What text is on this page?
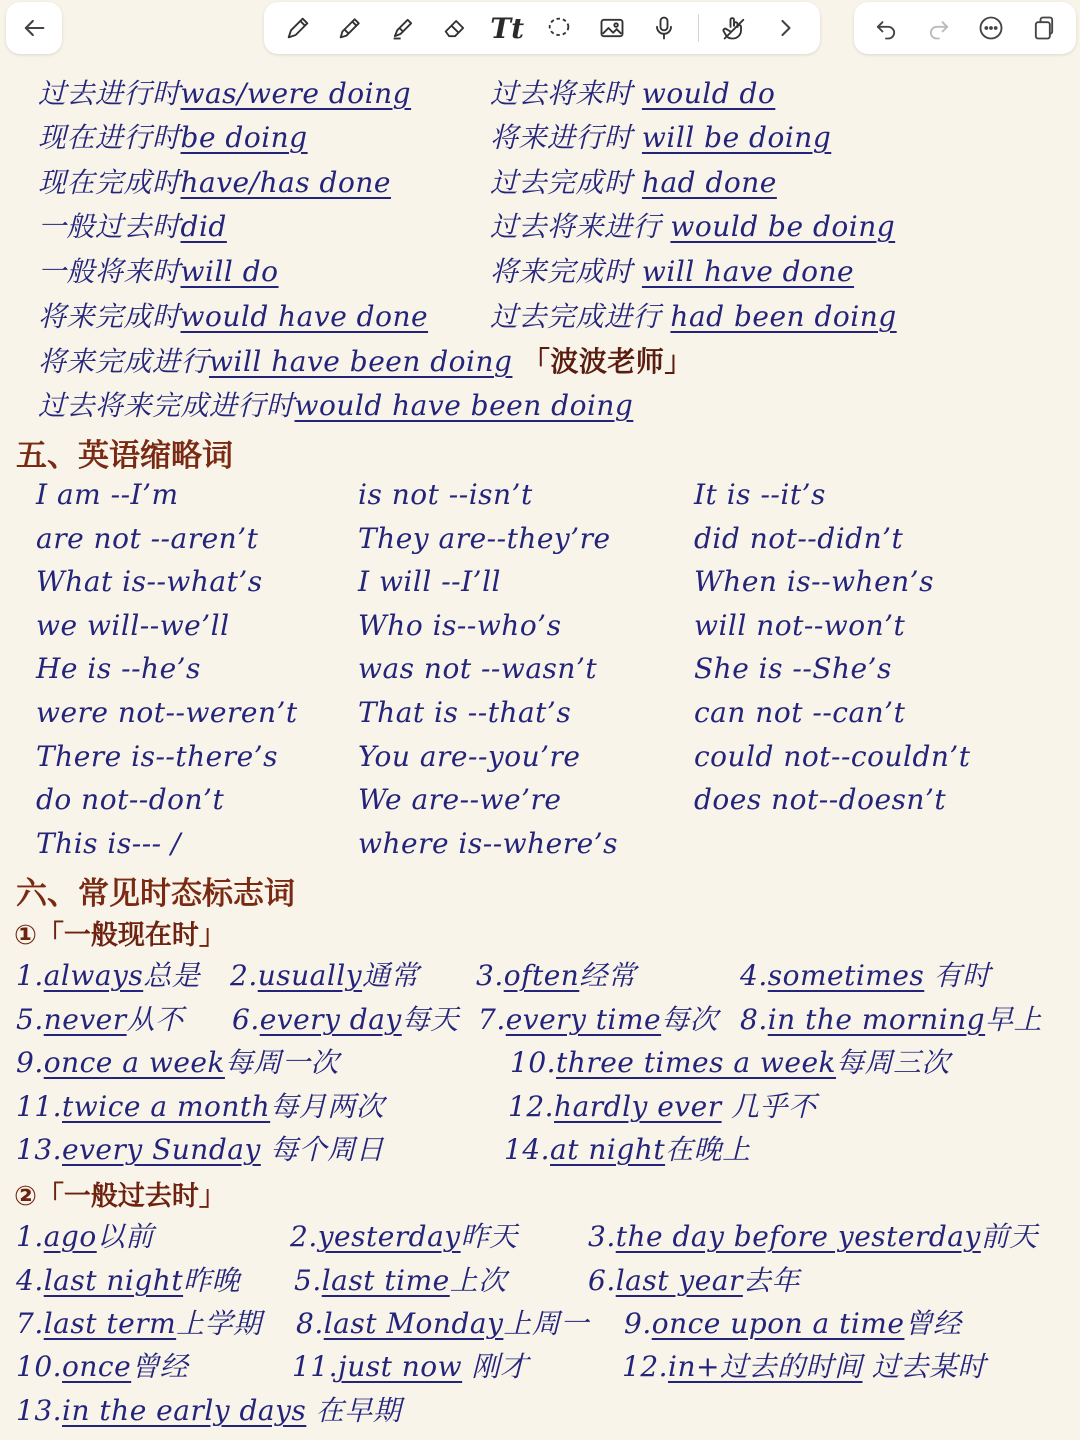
Tt
过去进行时was/were doing	过去将来时 would do
现在进行时be doing	将来进行时 will be doing
现在完成时have/has done	过去完成时 had done
一般过去时did	过去将来进行 would be doing
一般将来时will do	将来完成时 will have done
将来完成时would have done 过去完成进行 had been doing
将来完成进行will have been doing 「波波老师」
过去将来完成进行时would have been doing
五、英语缩略词
I am --I’m	is not --isn’t	It is --it’s
are not --aren’t	They are--they’re	did not--didn’t
What is--what’s	I will --I’ll	When is--when’s
we will--we’ll	Who is--who’s	will not--won’t
He is --he’s	was not --wasn’t	She is --She’s
were not--weren’t That is --that’s	can not --can’t
There is--there’s	You are--you’re	could not--couldn’t
do not--don’t	We are--we’re	does not--doesn’t
This is--- /	where is--where’s
六、常见时态标志词
①「一般现在时」
1.always总是 2.usually通常 3.often经常	4.sometimes 有时
5.never从不 6.every day每天 7.every time每次 8.in the morning早上
9.once a week每周一次	10.three times a week每周三次
11.twice a month每月两次	12.hardly ever 几乎不
13.every Sunday 每个周日	14.at night在晚上
②「一般过去时」
1.ago以前	2.yesterday昨天	3.the day before yesterday前天
4.last night昨晚 5.last time上次	6.last year去年
7.last term上学期 8.last Monday上周一 9.once upon a time曾经
10.once曾经	11.just now 刚才	12.in+过去的时间 过去某时
13.in the early days 在早期
